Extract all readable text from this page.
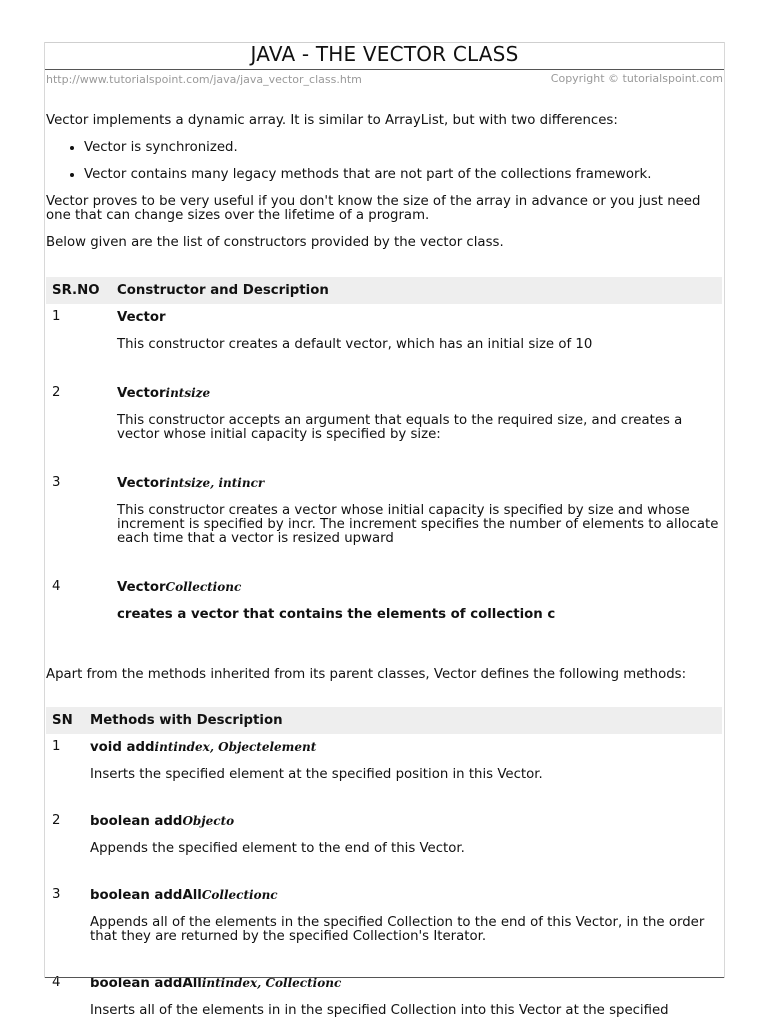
JAVA - THE VECTOR CLASS
http://www.tutorialspoint.com/java/java_vector_class.htm	Copyright © tutorialspoint.com

Vector implements a dynamic array. It is similar to ArrayList, but with two differences:

• Vector is synchronized.
• Vector contains many legacy methods that are not part of the collections framework.

Vector proves to be very useful if you don't know the size of the array in advance or you just need one that can change sizes over the lifetime of a program.

Below given are the list of constructors provided by the vector class.

SR.NO	Constructor and Description
1	Vector
This constructor creates a default vector, which has an initial size of 10

2	Vectorintsize
This constructor accepts an argument that equals to the required size, and creates a vector whose initial capacity is specified by size:

3	Vectorintsize, intincr
This constructor creates a vector whose initial capacity is specified by size and whose increment is specified by incr. The increment specifies the number of elements to allocate each time that a vector is resized upward

4	VectorCollectionc
creates a vector that contains the elements of collection c

Apart from the methods inherited from its parent classes, Vector defines the following methods:

SN	Methods with Description
1	void addintindex, Objectelement
Inserts the specified element at the specified position in this Vector.

2	boolean addObjecto
Appends the specified element to the end of this Vector.

3	boolean addAllCollectionc
Appends all of the elements in the specified Collection to the end of this Vector, in the order that they are returned by the specified Collection's Iterator.

4	boolean addAllintindex, Collectionc
Inserts all of the elements in in the specified Collection into this Vector at the specified
